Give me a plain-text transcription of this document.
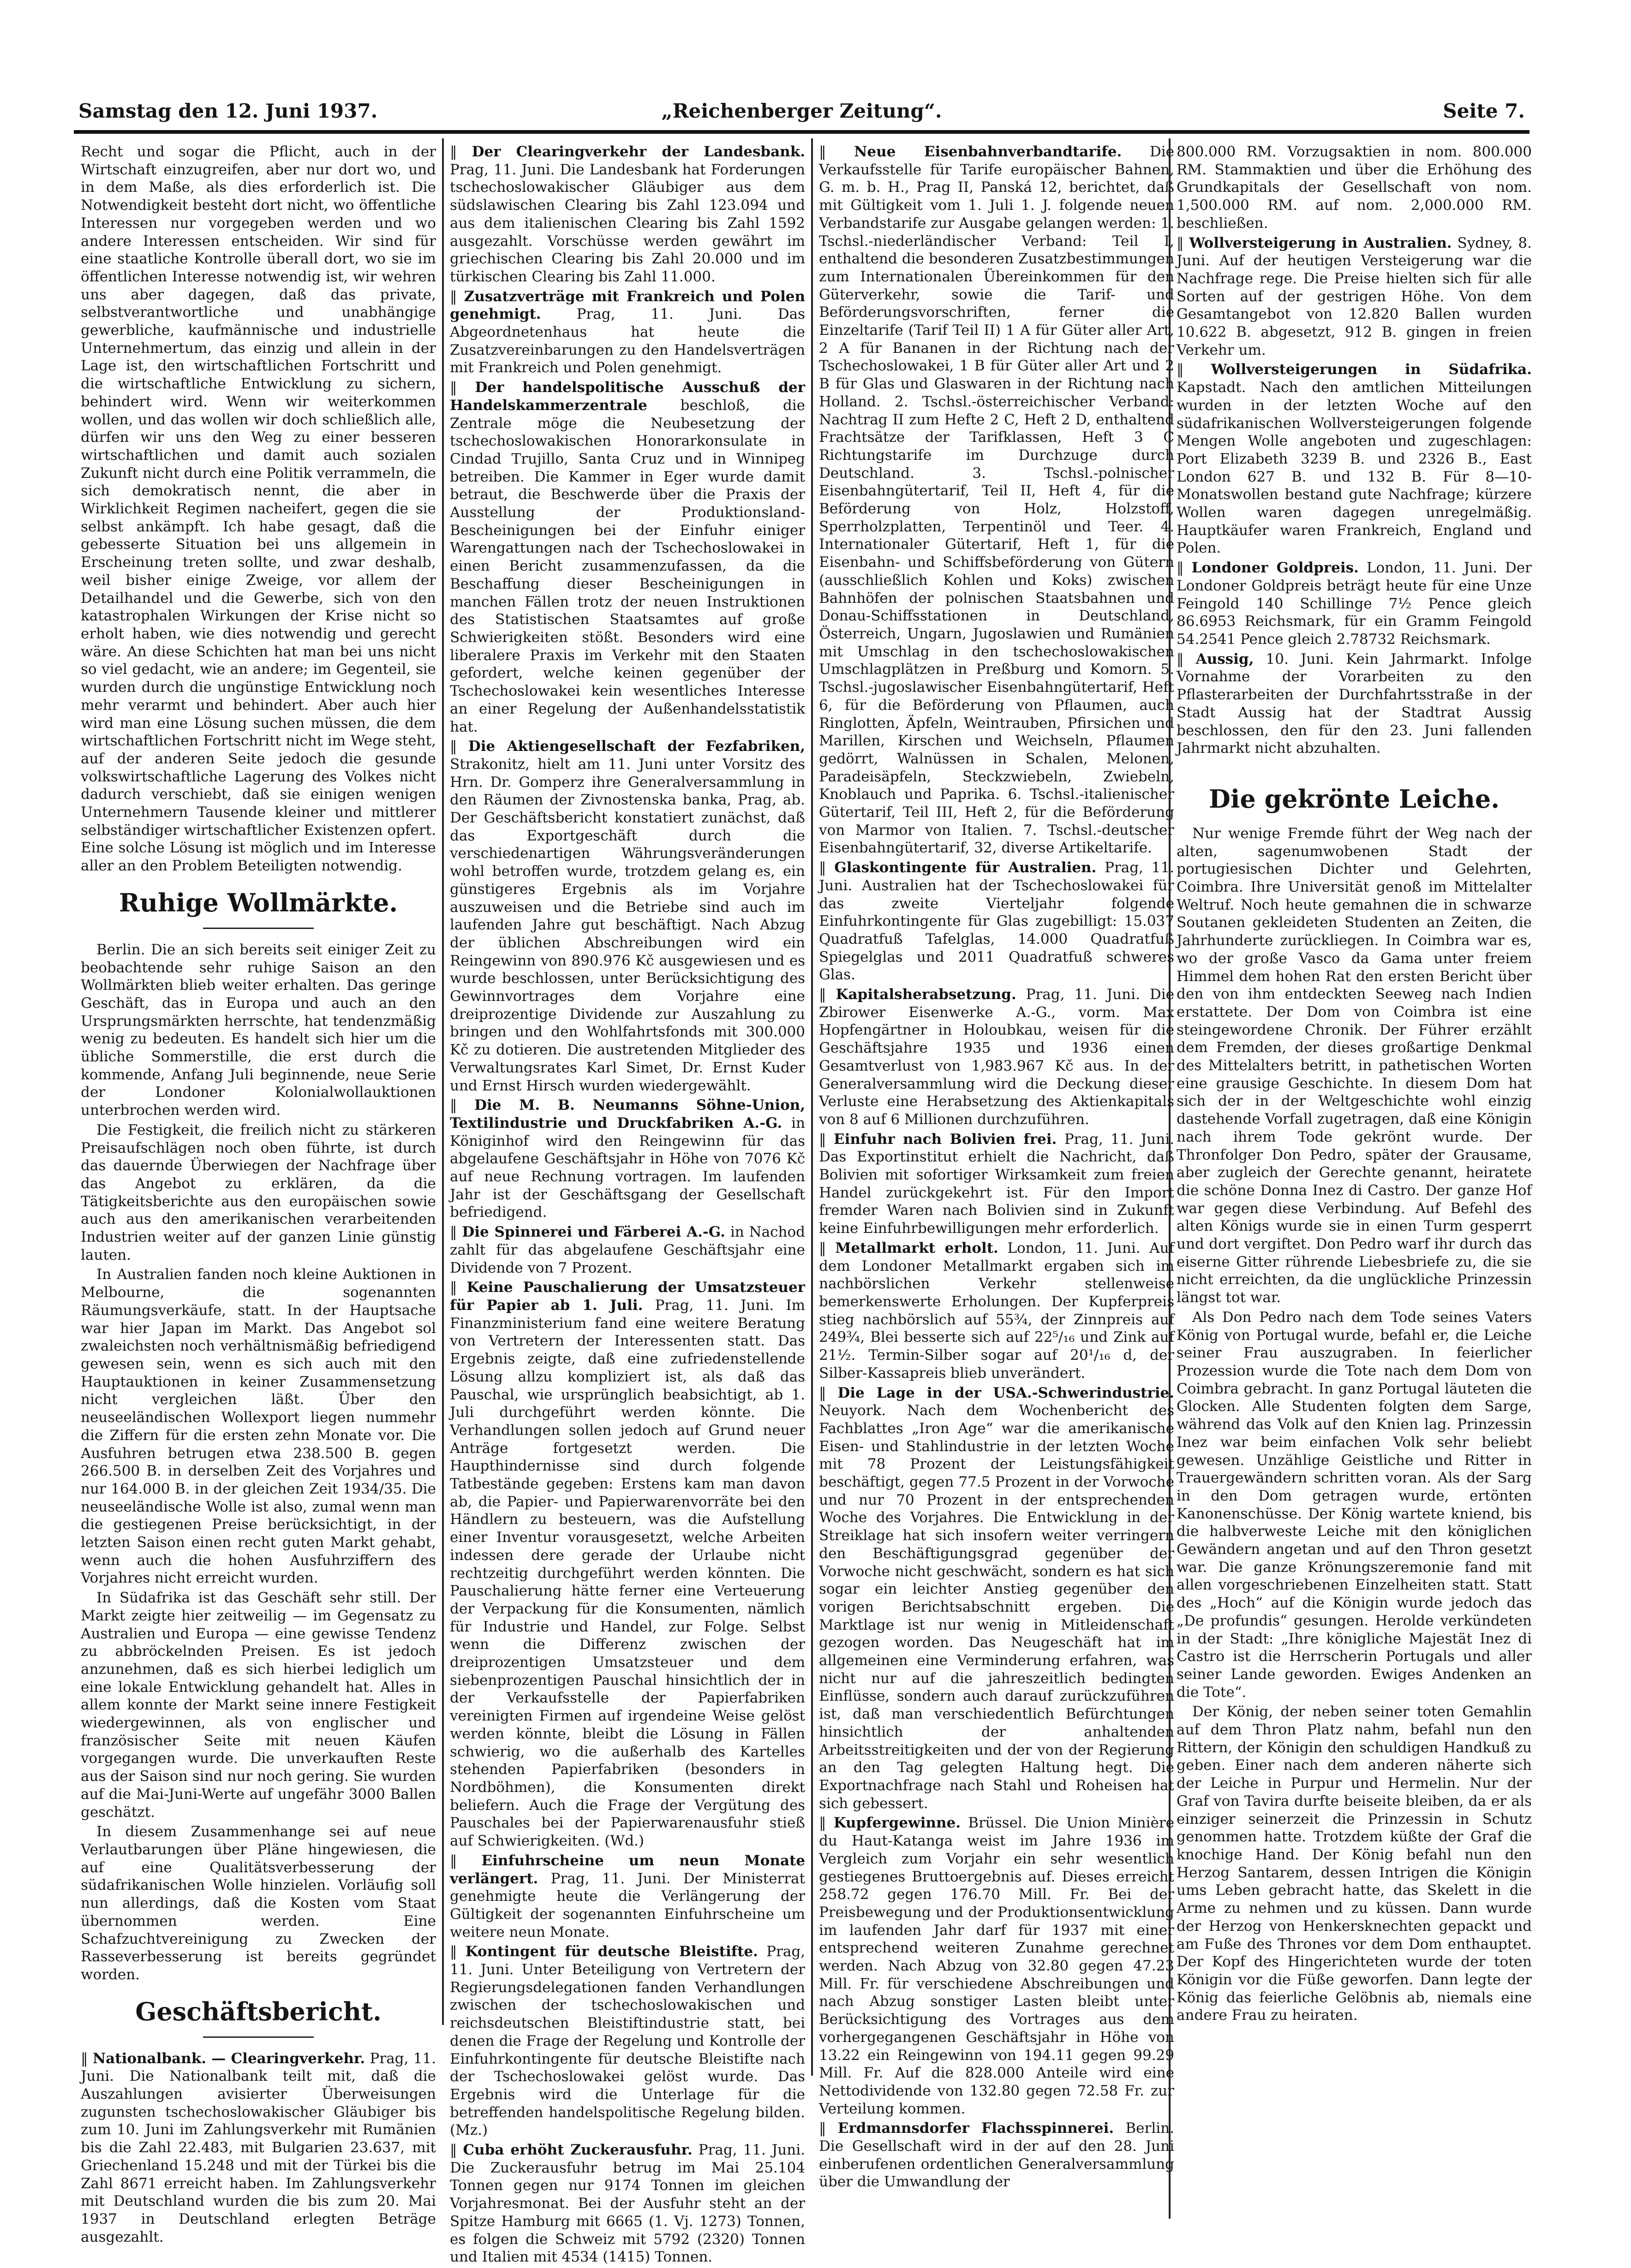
Samstag den 12. Juni 1937.	„Reichenberger Zeitung“.	Seite 7.

Recht und sogar die Pflicht, auch in der Wirtschaft einzugreifen, aber nur dort wo, und in dem Maße, als dies erforderlich ist. Die Notwendigkeit besteht dort nicht, wo öffentliche Interessen nur vorgegeben werden und wo andere Interessen entscheiden. Wir sind für eine staatliche Kontrolle überall dort, wo sie im öffentlichen Interesse notwendig ist, wir wehren uns aber dagegen, daß das private, selbstverantwortliche und unabhängige gewerbliche, kaufmännische und industrielle Unternehmertum, das einzig und allein in der Lage ist, den wirtschaftlichen Fortschritt und die wirtschaftliche Entwicklung zu sichern, behindert wird. Wenn wir weiterkommen wollen, und das wollen wir doch schließlich alle, dürfen wir uns den Weg zu einer besseren wirtschaftlichen und damit auch sozialen Zukunft nicht durch eine Politik verrammeln, die sich demokratisch nennt, die aber in Wirklichkeit Regimen nacheifert, gegen die sie selbst ankämpft. Ich habe gesagt, daß die gebesserte Situation bei uns allgemein in Erscheinung treten sollte, und zwar deshalb, weil bisher einige Zweige, vor allem der Detailhandel und die Gewerbe, sich von den katastrophalen Wirkungen der Krise nicht so erholt haben, wie dies notwendig und gerecht wäre. An diese Schichten hat man bei uns nicht so viel gedacht, wie an andere; im Gegenteil, sie wurden durch die ungünstige Entwicklung noch mehr verarmt und behindert. Aber auch hier wird man eine Lösung suchen müssen, die dem wirtschaftlichen Fortschritt nicht im Wege steht, auf der anderen Seite jedoch die gesunde volkswirtschaftliche Lagerung des Volkes nicht dadurch verschiebt, daß sie einigen wenigen Unternehmern Tausende kleiner und mittlerer selbständiger wirtschaftlicher Existenzen opfert. Eine solche Lösung ist möglich und im Interesse aller an den Problem Beteiligten notwendig.

Ruhige Wollmärkte.

Berlin. Die an sich bereits seit einiger Zeit zu beobachtende sehr ruhige Saison an den Wollmärkten blieb weiter erhalten. Das geringe Geschäft, das in Europa und auch an den Ursprungsmärkten herrschte, hat tendenzmäßig wenig zu bedeuten. Es handelt sich hier um die übliche Sommerstille, die erst durch die kommende, Anfang Juli beginnende, neue Serie der Londoner Kolonialwollauktionen unterbrochen werden wird.

Die Festigkeit, die freilich nicht zu stärkeren Preisaufschlägen noch oben führte, ist durch das dauernde Überwiegen der Nachfrage über das Angebot zu erklären, da die Tätigkeitsberichte aus den europäischen sowie auch aus den amerikanischen verarbeitenden Industrien weiter auf der ganzen Linie günstig lauten.

In Australien fanden noch kleine Auktionen in Melbourne, die sogenannten Räumungsverkäufe, statt. In der Hauptsache war hier Japan im Markt. Das Angebot sol zwaleichsten noch verhältnismäßig befriedigend gewesen sein, wenn es sich auch mit den Hauptauktionen in keiner Zusammensetzung nicht vergleichen läßt. Über den neuseeländischen Wollexport liegen nummehr die Ziffern für die ersten zehn Monate vor. Die Ausfuhren betrugen etwa 238.500 B. gegen 266.500 B. in derselben Zeit des Vorjahres und nur 164.000 B. in der gleichen Zeit 1934/35. Die neuseeländische Wolle ist also, zumal wenn man die gestiegenen Preise berücksichtigt, in der letzten Saison einen recht guten Markt gehabt, wenn auch die hohen Ausfuhrziffern des Vorjahres nicht erreicht wurden.

In Südafrika ist das Geschäft sehr still. Der Markt zeigte hier zeitweilig — im Gegensatz zu Australien und Europa — eine gewisse Tendenz zu abbröckelnden Preisen. Es ist jedoch anzunehmen, daß es sich hierbei lediglich um eine lokale Entwicklung gehandelt hat. Alles in allem konnte der Markt seine innere Festigkeit wiedergewinnen, als von englischer und französischer Seite mit neuen Käufen vorgegangen wurde. Die unverkauften Reste aus der Saison sind nur noch gering. Sie wurden auf die Mai-Juni-Werte auf ungefähr 3000 Ballen geschätzt.

In diesem Zusammenhange sei auf neue Verlautbarungen über Pläne hingewiesen, die auf eine Qualitätsverbesserung der südafrikanischen Wolle hinzielen. Vorläufig soll nun allerdings, daß die Kosten vom Staat übernommen werden. Eine Schafzuchtvereinigung zu Zwecken der Rasseverbesserung ist bereits gegründet worden.

Geschäftsbericht.

‖ Nationalbank. — Clearingverkehr. Prag, 11. Juni. Die Nationalbank teilt mit, daß die Auszahlungen avisierter Überweisungen zugunsten tschechoslowakischer Gläubiger bis zum 10. Juni im Zahlungsverkehr mit Rumänien bis die Zahl 22.483, mit Bulgarien 23.637, mit Griechenland 15.248 und mit der Türkei bis die Zahl 8671 erreicht haben. Im Zahlungsverkehr mit Deutschland wurden die bis zum 20. Mai 1937 in Deutschland erlegten Beträge ausgezahlt.

‖ Der Clearingverkehr der Landesbank. Prag, 11. Juni. Die Landesbank hat Forderungen tschechoslowakischer Gläubiger aus dem südslawischen Clearing bis Zahl 123.094 und aus dem italienischen Clearing bis Zahl 1592 ausgezahlt. Vorschüsse werden gewährt im griechischen Clearing bis Zahl 20.000 und im türkischen Clearing bis Zahl 11.000.

‖ Zusatzverträge mit Frankreich und Polen genehmigt. Prag, 11. Juni. Das Abgeordnetenhaus hat heute die Zusatzvereinbarungen zu den Handelsverträgen mit Frankreich und Polen genehmigt.

‖ Der handelspolitische Ausschuß der Handelskammerzentrale beschloß, die Zentrale möge die Neubesetzung der tschechoslowakischen Honorarkonsulate in Cindad Trujillo, Santa Cruz und in Winnipeg betreiben. Die Kammer in Eger wurde damit betraut, die Beschwerde über die Praxis der Ausstellung der Produktionsland-Bescheinigungen bei der Einfuhr einiger Warengattungen nach der Tschechoslowakei in einen Bericht zusammenzufassen, da die Beschaffung dieser Bescheinigungen in manchen Fällen trotz der neuen Instruktionen des Statistischen Staatsamtes auf große Schwierigkeiten stößt. Besonders wird eine liberalere Praxis im Verkehr mit den Staaten gefordert, welche keinen gegenüber der Tschechoslowakei kein wesentliches Interesse an einer Regelung der Außenhandelsstatistik hat.

‖ Die Aktiengesellschaft der Fezfabriken, Strakonitz, hielt am 11. Juni unter Vorsitz des Hrn. Dr. Gomperz ihre Generalversammlung in den Räumen der Zivnostenska banka, Prag, ab. Der Geschäftsbericht konstatiert zunächst, daß das Exportgeschäft durch die verschiedenartigen Währungsveränderungen wohl betroffen wurde, trotzdem gelang es, ein günstigeres Ergebnis als im Vorjahre auszuweisen und die Betriebe sind auch im laufenden Jahre gut beschäftigt. Nach Abzug der üblichen Abschreibungen wird ein Reingewinn von 890.976 Kč ausgewiesen und es wurde beschlossen, unter Berücksichtigung des Gewinnvortrages dem Vorjahre eine dreiprozentige Dividende zur Auszahlung zu bringen und den Wohlfahrtsfonds mit 300.000 Kč zu dotieren. Die austretenden Mitglieder des Verwaltungsrates Karl Simet, Dr. Ernst Kuder und Ernst Hirsch wurden wiedergewählt.

‖ Die M. B. Neumanns Söhne-Union, Textilindustrie und Druckfabriken A.-G. in Königinhof wird den Reingewinn für das abgelaufene Geschäftsjahr in Höhe von 7076 Kč auf neue Rechnung vortragen. Im laufenden Jahr ist der Geschäftsgang der Gesellschaft befriedigend.

‖ Die Spinnerei und Färberei A.-G. in Nachod zahlt für das abgelaufene Geschäftsjahr eine Dividende von 7 Prozent.

‖ Keine Pauschalierung der Umsatzsteuer für Papier ab 1. Juli. Prag, 11. Juni. Im Finanzministerium fand eine weitere Beratung von Vertretern der Interessenten statt. Das Ergebnis zeigte, daß eine zufriedenstellende Lösung allzu kompliziert ist, als daß das Pauschal, wie ursprünglich beabsichtigt, ab 1. Juli durchgeführt werden könnte. Die Verhandlungen sollen jedoch auf Grund neuer Anträge fortgesetzt werden. Die Haupthindernisse sind durch folgende Tatbestände gegeben: Erstens kam man davon ab, die Papier- und Papierwarenvorräte bei den Händlern zu besteuern, was die Aufstellung einer Inventur vorausgesetzt, welche Arbeiten indessen dere gerade der Urlaube nicht rechtzeitig durchgeführt werden könnten. Die Pauschalierung hätte ferner eine Verteuerung der Verpackung für die Konsumenten, nämlich für Industrie und Handel, zur Folge. Selbst wenn die Differenz zwischen der dreiprozentigen Umsatzsteuer und dem siebenprozentigen Pauschal hinsichtlich der in der Verkaufsstelle der Papierfabriken vereinigten Firmen auf irgendeine Weise gelöst werden könnte, bleibt die Lösung in Fällen schwierig, wo die außerhalb des Kartelles stehenden Papierfabriken (besonders in Nordböhmen), die Konsumenten direkt beliefern. Auch die Frage der Vergütung des Pauschales bei der Papierwarenausfuhr stieß auf Schwierigkeiten. (Wd.)

‖ Einfuhrscheine um neun Monate verlängert. Prag, 11. Juni. Der Ministerrat genehmigte heute die Verlängerung der Gültigkeit der sogenannten Einfuhrscheine um weitere neun Monate.

‖ Kontingent für deutsche Bleistifte. Prag, 11. Juni. Unter Beteiligung von Vertretern der Regierungsdelegationen fanden Verhandlungen zwischen der tschechoslowakischen und reichsdeutschen Bleistiftindustrie statt, bei denen die Frage der Regelung und Kontrolle der Einfuhrkontingente für deutsche Bleistifte nach der Tschechoslowakei gelöst wurde. Das Ergebnis wird die Unterlage für die betreffenden handelspolitische Regelung bilden. (Mz.)

‖ Cuba erhöht Zuckerausfuhr. Prag, 11. Juni. Die Zuckerausfuhr betrug im Mai 25.104 Tonnen gegen nur 9174 Tonnen im gleichen Vorjahresmonat. Bei der Ausfuhr steht an der Spitze Hamburg mit 6665 (1. Vj. 1273) Tonnen, es folgen die Schweiz mit 5792 (2320) Tonnen und Italien mit 4534 (1415) Tonnen.

‖ Neue Eisenbahnverbandtarife. Die Verkaufsstelle für Tarife europäischer Bahnen, G. m. b. H., Prag II, Panská 12, berichtet, daß mit Gültigkeit vom 1. Juli 1. J. folgende neuen Verbandstarife zur Ausgabe gelangen werden: 1. Tschsl.-niederländischer Verband: Teil I, enthaltend die besonderen Zusatzbestimmungen zum Internationalen Übereinkommen für den Güterverkehr, sowie die Tarif- und Beförderungsvorschriften, ferner die Einzeltarife (Tarif Teil II) 1 A für Güter aller Art, 2 A für Bananen in der Richtung nach der Tschechoslowakei, 1 B für Güter aller Art und 2 B für Glas und Glaswaren in der Richtung nach Holland. 2. Tschsl.-österreichischer Verband: Nachtrag II zum Hefte 2 C, Heft 2 D, enthaltend Frachtsätze der Tarifklassen, Heft 3 C Richtungstarife im Durchzuge durch Deutschland. 3. Tschsl.-polnischer Eisenbahngütertarif, Teil II, Heft 4, für die Beförderung von Holz, Holzstoff, Sperrholzplatten, Terpentinöl und Teer. 4. Internationaler Gütertarif, Heft 1, für die Eisenbahn- und Schiffsbeförderung von Gütern (ausschließlich Kohlen und Koks) zwischen Bahnhöfen der polnischen Staatsbahnen und Donau-Schiffsstationen in Deutschland, Österreich, Ungarn, Jugoslawien und Rumänien mit Umschlag in den tschechoslowakischen Umschlagplätzen in Preßburg und Komorn. 5. Tschsl.-jugoslawischer Eisenbahngütertarif, Heft 6, für die Beförderung von Pflaumen, auch Ringlotten, Äpfeln, Weintrauben, Pfirsichen und Marillen, Kirschen und Weichseln, Pflaumen gedörrt, Walnüssen in Schalen, Melonen, Paradeisäpfeln, Steckzwiebeln, Zwiebeln, Knoblauch und Paprika. 6. Tschsl.-italienischer Gütertarif, Teil III, Heft 2, für die Beförderung von Marmor von Italien. 7. Tschsl.-deutscher Eisenbahngütertarif, 32, diverse Artikeltarife.

‖ Glaskontingente für Australien. Prag, 11. Juni. Australien hat der Tschechoslowakei für das zweite Vierteljahr folgende Einfuhrkontingente für Glas zugebilligt: 15.037 Quadratfuß Tafelglas, 14.000 Quadratfuß Spiegelglas und 2011 Quadratfuß schweres Glas.

‖ Kapitalsherabsetzung. Prag, 11. Juni. Die Zbirower Eisenwerke A.-G., vorm. Max Hopfengärtner in Holoubkau, weisen für die Geschäftsjahre 1935 und 1936 einen Gesamtverlust von 1,983.967 Kč aus. In der Generalversammlung wird die Deckung dieser Verluste eine Herabsetzung des Aktienkapitals von 8 auf 6 Millionen durchzuführen.

‖ Einfuhr nach Bolivien frei. Prag, 11. Juni. Das Exportinstitut erhielt die Nachricht, daß Bolivien mit sofortiger Wirksamkeit zum freien Handel zurückgekehrt ist. Für den Import fremder Waren nach Bolivien sind in Zukunft keine Einfuhrbewilligungen mehr erforderlich.

‖ Metallmarkt erholt. London, 11. Juni. Auf dem Londoner Metallmarkt ergaben sich im nachbörslichen Verkehr stellenweise bemerkenswerte Erholungen. Der Kupferpreis stieg nachbörslich auf 55¾, der Zinnpreis auf 249¾, Blei besserte sich auf 22⁵/₁₆ und Zink auf 21½. Termin-Silber sogar auf 20¹/₁₆ d, der Silber-Kassapreis blieb unverändert.

‖ Die Lage in der USA.-Schwerindustrie. Neuyork. Nach dem Wochenbericht des Fachblattes „Iron Age“ war die amerikanische Eisen- und Stahlindustrie in der letzten Woche mit 78 Prozent der Leistungsfähigkeit beschäftigt, gegen 77.5 Prozent in der Vorwoche und nur 70 Prozent in der entsprechenden Woche des Vorjahres. Die Entwicklung in der Streiklage hat sich insofern weiter verringern den Beschäftigungsgrad gegenüber der Vorwoche nicht geschwächt, sondern es hat sich sogar ein leichter Anstieg gegenüber den vorigen Berichtsabschnitt ergeben. Die Marktlage ist nur wenig in Mitleidenschaft gezogen worden. Das Neugeschäft hat im allgemeinen eine Verminderung erfahren, was nicht nur auf die jahreszeitlich bedingten Einflüsse, sondern auch darauf zurückzuführen ist, daß man verschiedentlich Befürchtungen hinsichtlich der anhaltenden Arbeitsstreitigkeiten und der von der Regierung an den Tag gelegten Haltung hegt. Die Exportnachfrage nach Stahl und Roheisen hat sich gebessert.

‖ Kupfergewinne. Brüssel. Die Union Minière du Haut-Katanga weist im Jahre 1936 im Vergleich zum Vorjahr ein sehr wesentlich gestiegenes Bruttoergebnis auf. Dieses erreicht 258.72 gegen 176.70 Mill. Fr. Bei der Preisbewegung und der Produktionsentwicklung im laufenden Jahr darf für 1937 mit einer entsprechend weiteren Zunahme gerechnet werden. Nach Abzug von 32.80 gegen 47.23 Mill. Fr. für verschiedene Abschreibungen und nach Abzug sonstiger Lasten bleibt unter Berücksichtigung des Vortrages aus dem vorhergegangenen Geschäftsjahr in Höhe von 13.22 ein Reingewinn von 194.11 gegen 99.29 Mill. Fr. Auf die 828.000 Anteile wird eine Nettodividende von 132.80 gegen 72.58 Fr. zur Verteilung kommen.

‖ Erdmannsdorfer Flachsspinnerei. Berlin. Die Gesellschaft wird in der auf den 28. Juni einberufenen ordentlichen Generalversammlung über die Umwandlung der

800.000 RM. Vorzugsaktien in nom. 800.000 RM. Stammaktien und über die Erhöhung des Grundkapitals der Gesellschaft von nom. 1,500.000 RM. auf nom. 2,000.000 RM. beschließen.

‖ Wollversteigerung in Australien. Sydney, 8. Juni. Auf der heutigen Versteigerung war die Nachfrage rege. Die Preise hielten sich für alle Sorten auf der gestrigen Höhe. Von dem Gesamtangebot von 12.820 Ballen wurden 10.622 B. abgesetzt, 912 B. gingen in freien Verkehr um.

‖ Wollversteigerungen in Südafrika. Kapstadt. Nach den amtlichen Mitteilungen wurden in der letzten Woche auf den südafrikanischen Wollversteigerungen folgende Mengen Wolle angeboten und zugeschlagen: Port Elizabeth 3239 B. und 2326 B., East London 627 B. und 132 B. Für 8—10-Monatswollen bestand gute Nachfrage; kürzere Wollen waren dagegen unregelmäßig. Hauptkäufer waren Frankreich, England und Polen.

‖ Londoner Goldpreis. London, 11. Juni. Der Londoner Goldpreis beträgt heute für eine Unze Feingold 140 Schillinge 7½ Pence gleich 86.6953 Reichsmark, für ein Gramm Feingold 54.2541 Pence gleich 2.78732 Reichsmark.

‖ Aussig, 10. Juni. Kein Jahrmarkt. Infolge Vornahme der Vorarbeiten zu den Pflasterarbeiten der Durchfahrtsstraße in der Stadt Aussig hat der Stadtrat Aussig beschlossen, den für den 23. Juni fallenden Jahrmarkt nicht abzuhalten.

Die gekrönte Leiche.

Nur wenige Fremde führt der Weg nach der alten, sagenumwobenen Stadt der portugiesischen Dichter und Gelehrten, Coimbra. Ihre Universität genoß im Mittelalter Weltruf. Noch heute gemahnen die in schwarze Soutanen gekleideten Studenten an Zeiten, die Jahrhunderte zurückliegen. In Coimbra war es, wo der große Vasco da Gama unter freiem Himmel dem hohen Rat den ersten Bericht über den von ihm entdeckten Seeweg nach Indien erstattete. Der Dom von Coimbra ist eine steingewordene Chronik. Der Führer erzählt dem Fremden, der dieses großartige Denkmal des Mittelalters betritt, in pathetischen Worten eine grausige Geschichte. In diesem Dom hat sich der in der Weltgeschichte wohl einzig dastehende Vorfall zugetragen, daß eine Königin nach ihrem Tode gekrönt wurde. Der Thronfolger Don Pedro, später der Grausame, aber zugleich der Gerechte genannt, heiratete die schöne Donna Inez di Castro. Der ganze Hof war gegen diese Verbindung. Auf Befehl des alten Königs wurde sie in einen Turm gesperrt und dort vergiftet. Don Pedro warf ihr durch das eiserne Gitter rührende Liebesbriefe zu, die sie nicht erreichten, da die unglückliche Prinzessin längst tot war.

Als Don Pedro nach dem Tode seines Vaters König von Portugal wurde, befahl er, die Leiche seiner Frau auszugraben. In feierlicher Prozession wurde die Tote nach dem Dom von Coimbra gebracht. In ganz Portugal läuteten die Glocken. Alle Studenten folgten dem Sarge, während das Volk auf den Knien lag. Prinzessin Inez war beim einfachen Volk sehr beliebt gewesen. Unzählige Geistliche und Ritter in Trauergewändern schritten voran. Als der Sarg in den Dom getragen wurde, ertönten Kanonenschüsse. Der König wartete kniend, bis die halbverweste Leiche mit den königlichen Gewändern angetan und auf den Thron gesetzt war. Die ganze Krönungszeremonie fand mit allen vorgeschriebenen Einzelheiten statt. Statt des „Hoch“ auf die Königin wurde jedoch das „De profundis“ gesungen. Herolde verkündeten in der Stadt: „Ihre königliche Majestät Inez di Castro ist die Herrscherin Portugals und aller seiner Lande geworden. Ewiges Andenken an die Tote“.

Der König, der neben seiner toten Gemahlin auf dem Thron Platz nahm, befahl nun den Rittern, der Königin den schuldigen Handkuß zu geben. Einer nach dem anderen näherte sich der Leiche in Purpur und Hermelin. Nur der Graf von Tavira durfte beiseite bleiben, da er als einziger seinerzeit die Prinzessin in Schutz genommen hatte. Trotzdem küßte der Graf die knochige Hand. Der König befahl nun den Herzog Santarem, dessen Intrigen die Königin ums Leben gebracht hatte, das Skelett in die Arme zu nehmen und zu küssen. Dann wurde der Herzog von Henkersknechten gepackt und am Fuße des Thrones vor dem Dom enthauptet. Der Kopf des Hingerichteten wurde der toten Königin vor die Füße geworfen. Dann legte der König das feierliche Gelöbnis ab, niemals eine andere Frau zu heiraten.
